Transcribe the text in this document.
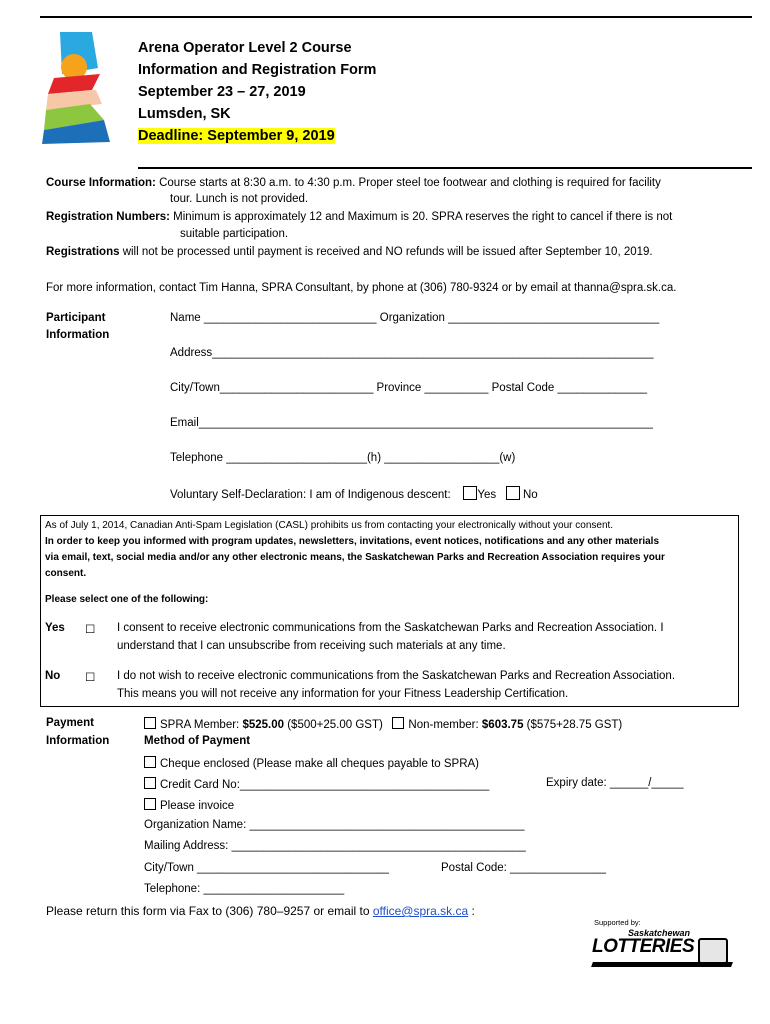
Arena Operator Level 2 Course
Information and Registration Form
September 23 – 27, 2019
Lumsden, SK
Deadline: September 9, 2019
Course Information: Course starts at 8:30 a.m. to 4:30 p.m. Proper steel toe footwear and clothing is required for facility
tour. Lunch is not provided.
Registration Numbers: Minimum is approximately 12 and Maximum is 20. SPRA reserves the right to cancel if there is not
suitable participation.
Registrations will not be processed until payment is received and NO refunds will be issued after September 10, 2019.
For more information, contact Tim Hanna, SPRA Consultant, by phone at (306) 780-9324 or by email at thanna@spra.sk.ca.
Participant
Information
Name ___________________________ Organization _________________________________
Address_____________________________________________________________________
City/Town________________________ Province __________ Postal Code ______________
Email_______________________________________________________________________
Telephone ______________________(h) __________________(w)
Voluntary Self-Declaration: I am of Indigenous descent: Yes No
As of July 1, 2014, Canadian Anti-Spam Legislation (CASL) prohibits us from contacting your electronically without your consent.
In order to keep you informed with program updates, newsletters, invitations, event notices, notifications and any other materials
via email, text, social media and/or any other electronic means, the Saskatchewan Parks and Recreation Association requires your
consent.
Please select one of the following:
Yes ☐ I consent to receive electronic communications from the Saskatchewan Parks and Recreation Association. I
understand that I can unsubscribe from receiving such materials at any time.
No ☐ I do not wish to receive electronic communications from the Saskatchewan Parks and Recreation Association.
This means you will not receive any information for your Fitness Leadership Certification.
Payment
Information
SPRA Member: $525.00 ($500+25.00 GST) Non-member: $603.75 ($575+28.75 GST)
Method of Payment
Cheque enclosed (Please make all cheques payable to SPRA)
Credit Card No:_______________________________________	Expiry date: ______/_____
Please invoice
Organization Name: ___________________________________________
Mailing Address: ______________________________________________
City/Town ______________________________	Postal Code: _______________
Telephone: ______________________
Please return this form via Fax to (306) 780–9257 or email to office@spra.sk.ca :
Supported by:
Saskatchewan
LOTTERIES
